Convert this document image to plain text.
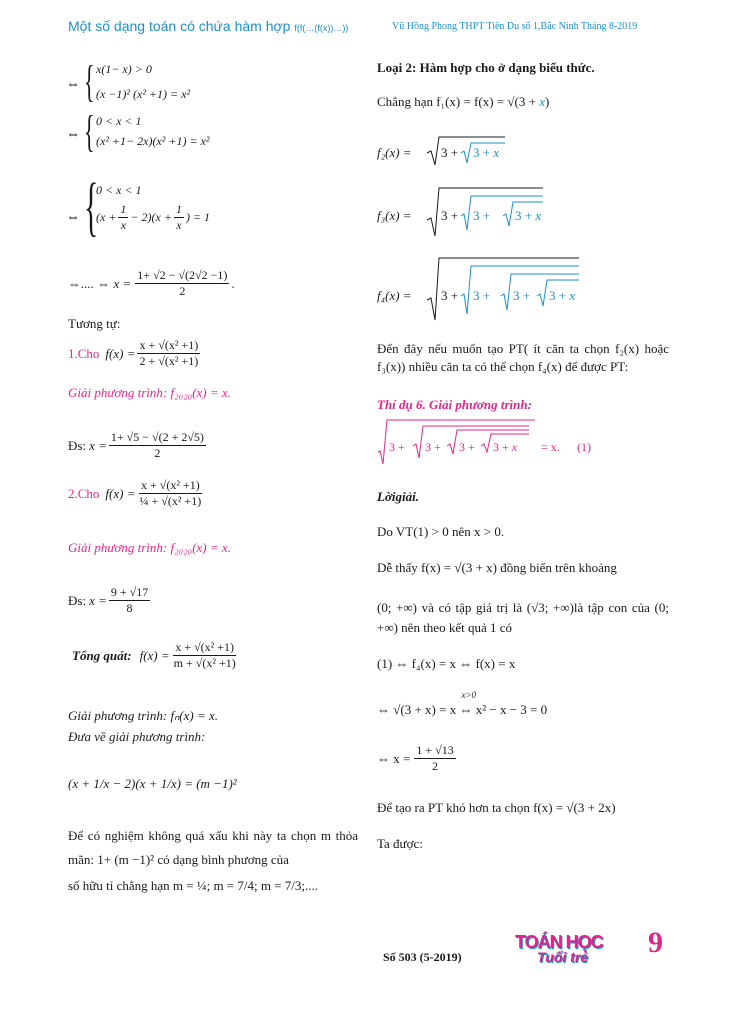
Một số dạng toán có chứa hàm hợp f(f(…(f(x))…))	Vũ Hồng Phong THPT Tiên Du số 1,Bắc Ninh Tháng 8-2019
⇔ { x(1− x) > 0
(x −1)² (x² +1) = x²
⇔ { 0 < x < 1
(x² +1− 2x)(x² +1) = x²
⇔ {
0 < x < 1
$(x + \frac{1}{x} - 2)(x + \frac{1}{x}$ ) = 1
⇔.... ⇔ $x = \frac{1+ √2 - √(2√2 -1)}{2}$ .
Tương tự:
1.Cho $f(x) = \frac{\text{x + √(x² +1)}}{\text{2 + √(x² +1)}}$
Giải phương trình: f₂₀₂₀(x) = x.
Đs: $x = \frac{1+ √5 - √(2 + 2√5)}{2}$
2.Cho $f(x) = \frac{\text{x + √(x² +1)}}{\text{¼ + √(x² +1)}}$
Giải phương trình: f₂₀₂₀(x) = x.
Đs: $x = \frac{9 + √17}{8}$
Tổng quát: $f(x) = \frac{\text{x + √(x² +1)}}{\text{m + √(x² +1)}}$
Giải phương trình: fₙ(x) = x.
Đưa về giải phương trình:
(x + 1/x − 2)(x + 1/x) = (m −1)²
Để có nghiệm không quá xấu khi này ta chọn m thỏa mãn: 1+ (m −1)² có dạng bình phương của
số hữu tỉ chẳng hạn m = ¼; m = 7/4; m = 7/3;....
Loại 2: Hàm hợp cho ở dạng biểu thức.
Chẳng hạn f₁(x) = f(x) = √(3 + x)
f₂(x) = 3 + 3 + x
f₃(x) = 3 + 3 + 3 + x
f₄(x) = 3 + 3 + 3 + 3 + x
Đến đây nếu muốn tạo PT( ít căn ta chọn f₂(x) hoặc f₃(x)) nhiều căn ta có thể chọn f₄(x) để được PT:
Thí dụ 6. Giải phương trình:
3 + 3 + 3 + 3 + x = x. (1)
Lờigiải.
Do VT(1) > 0 nên x > 0.
Dễ thấy f(x) = √(3 + x) đồng biến trên khoảng
(0; +∞) và có tập giá trị là (√3; +∞)là tập con của (0; +∞) nên theo kết quả 1 có
(1) ⇔ f₄(x) = x ⇔ f(x) = x
⇔ √(3 + x) = x
x>0
⇔ x² − x − 3 = 0
⇔ $x = \frac{1 + √13}{2}$
Để tạo ra PT khó hơn ta chọn f(x) = √(3 + 2x)
Ta được:
Số 503 (5-2019)
TOÁN HỌC
Tuổi trẻ	9
